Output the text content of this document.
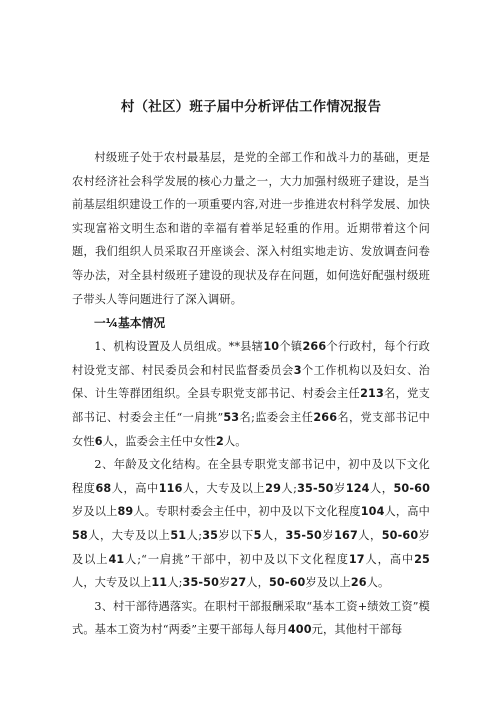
村（社区）班子届中分析评估工作情况报告

村级班子处于农村最基层，是党的全部工作和战斗力的基础，更是农村经济社会科学发展的核心力量之一，大力加强村级班子建设，是当前基层组织建设工作的一项重要内容,对进一步推进农村科学发展、加快实现富裕文明生态和谐的幸福有着举足轻重的作用。近期带着这个问题，我们组织人员采取召开座谈会、深入村组实地走访、发放调查问卷等办法，对全县村级班子建设的现状及存在问题，如何选好配强村级班子带头人等问题进行了深入调研。

一¼基本情况

1、机构设置及人员组成。**县辖10个镇266个行政村，每个行政村设党支部、村民委员会和村民监督委员会3个工作机构以及妇女、治保、计生等群团组织。全县专职党支部书记、村委会主任213名，党支部书记、村委会主任“一肩挑”53名;监委会主任266名，党支部书记中女性6人，监委会主任中女性2人。

2、年龄及文化结构。在全县专职党支部书记中，初中及以下文化程度68人，高中116人，大专及以上29人;35-50岁124人，50-60岁及以上89人。专职村委会主任中，初中及以下文化程度104人，高中58人，大专及以上51人;35岁以下5人，35-50岁167人，50-60岁及以上41人;“一肩挑”干部中，初中及以下文化程度17人，高中25人，大专及以上11人;35-50岁27人，50-60岁及以上26人。

3、村干部待遇落实。在职村干部报酬采取“基本工资+绩效工资”模式。基本工资为村“两委”主要干部每人每月400元，其他村干部每
